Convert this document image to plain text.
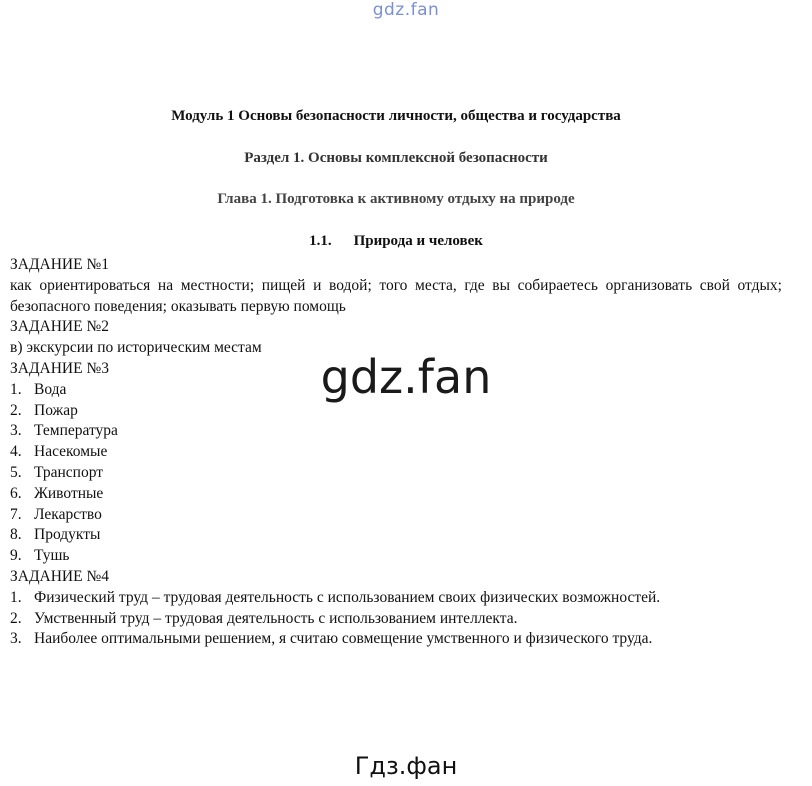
gdz.fan
Модуль 1 Основы безопасности личности, общества и государства
Раздел 1. Основы комплексной безопасности
Глава 1. Подготовка к активному отдыху на природе
1.1. Природа и человек
ЗАДАНИЕ №1
как ориентироваться на местности; пищей и водой; того места, где вы собираетесь организовать свой отдых; безопасного поведения; оказывать первую помощь
ЗАДАНИЕ №2
в) экскурсии по историческим местам
ЗАДАНИЕ №3
1. Вода
2. Пожар
3. Температура
4. Насекомые
5. Транспорт
6. Животные
7. Лекарство
8. Продукты
9. Тушь
ЗАДАНИЕ №4
1. Физический труд – трудовая деятельность с использованием своих физических возможностей.
2. Умственный труд – трудовая деятельность с использованием интеллекта.
3. Наиболее оптимальными решением, я считаю совмещение умственного и физического труда.
gdz.fan
Гдз.фан
